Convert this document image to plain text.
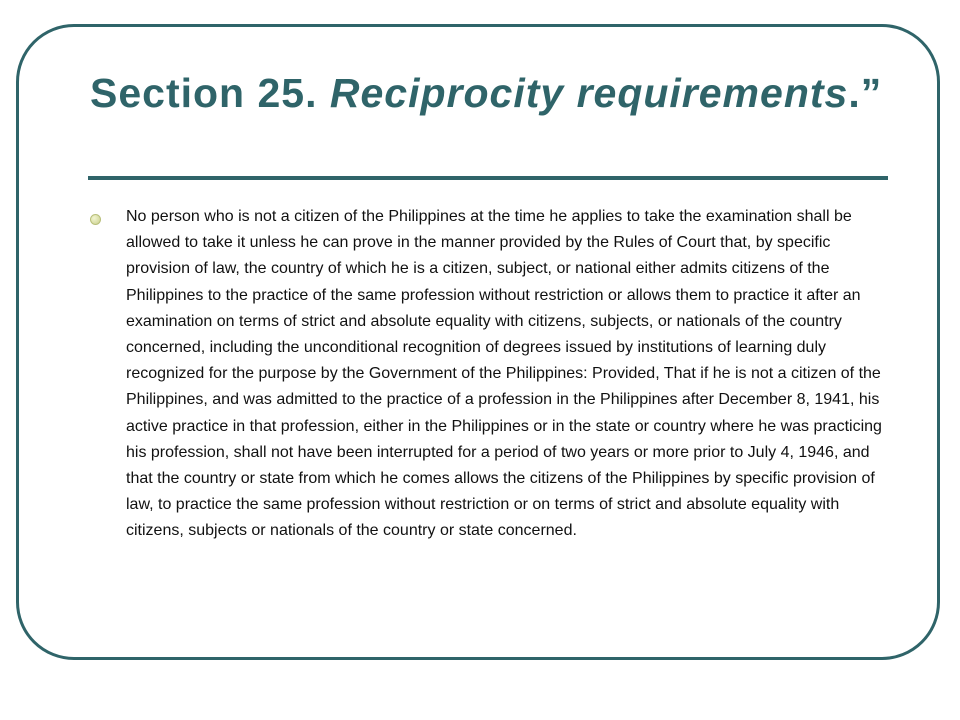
Section 25. Reciprocity requirements.”

No person who is not a citizen of the Philippines at the time he applies to take the examination shall be allowed to take it unless he can prove in the manner provided by the Rules of Court that, by specific provision of law, the country of which he is a citizen, subject, or national either admits citizens of the Philippines to the practice of the same profession without restriction or allows them to practice it after an examination on terms of strict and absolute equality with citizens, subjects, or nationals of the country concerned, including the unconditional recognition of degrees issued by institutions of learning duly recognized for the purpose by the Government of the Philippines: Provided, That if he is not a citizen of the Philippines, and was admitted to the practice of a profession in the Philippines after December 8, 1941, his active practice in that profession, either in the Philippines or in the state or country where he was practicing his profession, shall not have been interrupted for a period of two years or more prior to July 4, 1946, and that the country or state from which he comes allows the citizens of the Philippines by specific provision of law, to practice the same profession without restriction or on terms of strict and absolute equality with citizens, subjects or nationals of the country or state concerned.
